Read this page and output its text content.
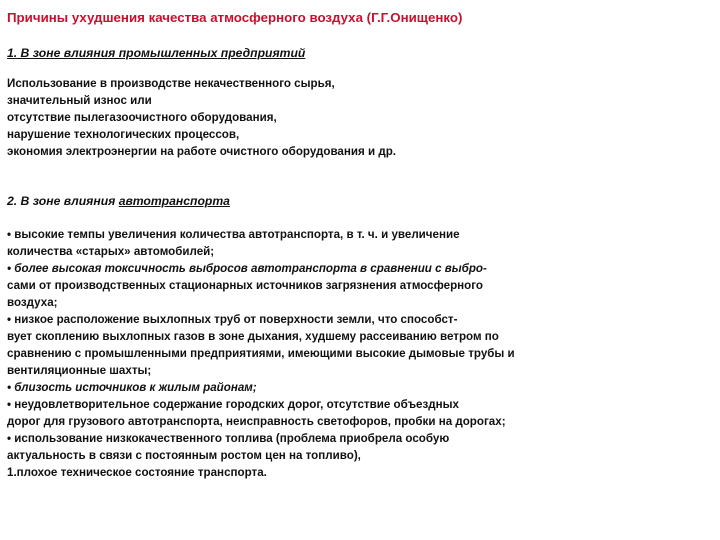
Причины ухудшения качества атмосферного воздуха (Г.Г.Онищенко)
1. В зоне влияния промышленных предприятий
Использование в производстве некачественного сырья,
значительный износ или
отсутствие пылегазоочистного оборудования,
нарушение технологических процессов,
экономия электроэнергии на работе очистного оборудования и др.
2. В зоне влияния автотранспорта
• высокие темпы увеличения количества автотранспорта, в т. ч. и увеличение
количества «старых» автомобилей;
• более высокая токсичность выбросов автотранспорта в сравнении с выбро-
сами от производственных стационарных источников загрязнения атмосферного
воздуха;
• низкое расположение выхлопных труб от поверхности земли, что способст-
вует скоплению выхлопных газов в зоне дыхания, худшему рассеиванию ветром по
сравнению с промышленными предприятиями, имеющими высокие дымовые трубы и
вентиляционные шахты;
• близость источников к жилым районам;
• неудовлетворительное содержание городских дорог, отсутствие объездных
дорог для грузового автотранспорта, неисправность светофоров, пробки на дорогах;
• использование низкокачественного топлива (проблема приобрела особую
актуальность в связи с постоянным ростом цен на топливо),
1.плохое техническое состояние транспорта.
